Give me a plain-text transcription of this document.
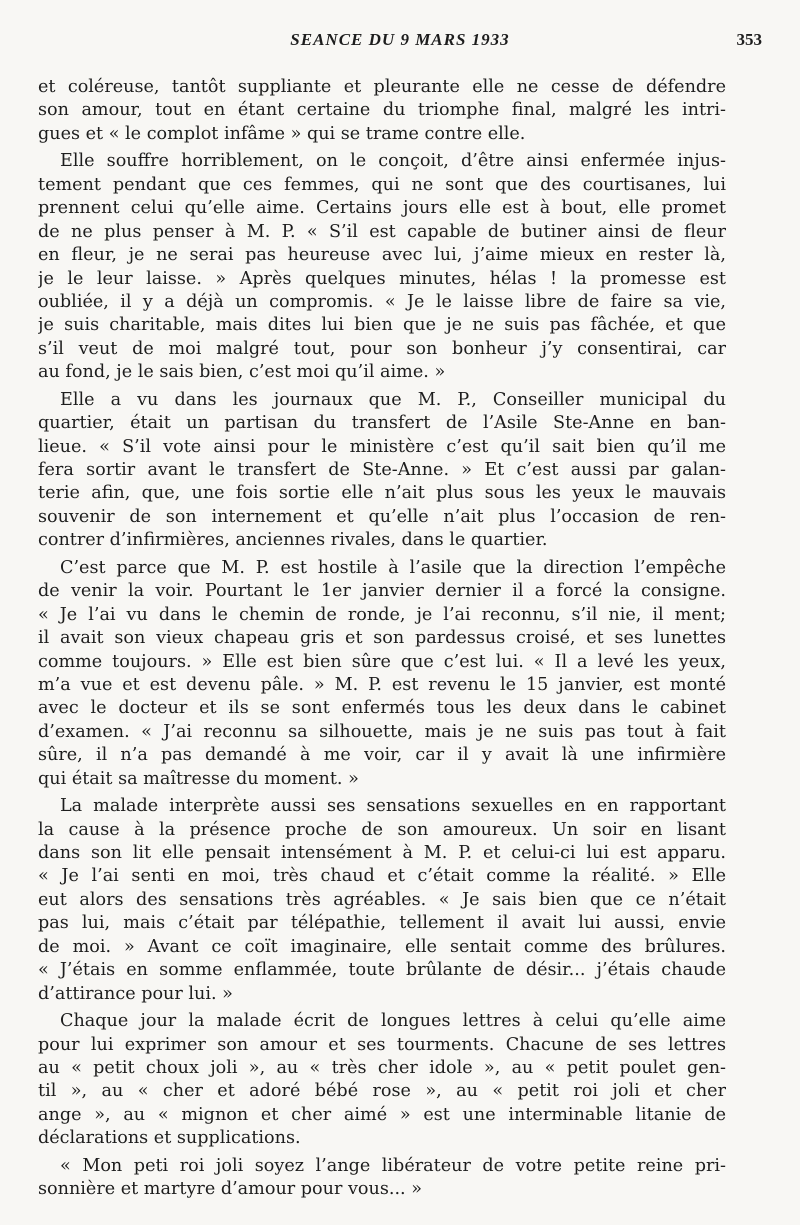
SEANCE DU 9 MARS 1933	353
et coléreuse, tantôt suppliante et pleurante elle ne cesse de défendre
son amour, tout en étant certaine du triomphe final, malgré les intri-
gues et « le complot infâme » qui se trame contre elle.
Elle souffre horriblement, on le conçoit, d’être ainsi enfermée injus-
tement pendant que ces femmes, qui ne sont que des courtisanes, lui
prennent celui qu’elle aime. Certains jours elle est à bout, elle promet
de ne plus penser à M. P. « S’il est capable de butiner ainsi de fleur
en fleur, je ne serai pas heureuse avec lui, j’aime mieux en rester là,
je le leur laisse. » Après quelques minutes, hélas ! la promesse est
oubliée, il y a déjà un compromis. « Je le laisse libre de faire sa vie,
je suis charitable, mais dites lui bien que je ne suis pas fâchée, et que
s’il veut de moi malgré tout, pour son bonheur j’y consentirai, car
au fond, je le sais bien, c’est moi qu’il aime. »
Elle a vu dans les journaux que M. P., Conseiller municipal du
quartier, était un partisan du transfert de l’Asile Ste-Anne en ban-
lieue. « S’il vote ainsi pour le ministère c’est qu’il sait bien qu’il me
fera sortir avant le transfert de Ste-Anne. » Et c’est aussi par galan-
terie afin, que, une fois sortie elle n’ait plus sous les yeux le mauvais
souvenir de son internement et qu’elle n’ait plus l’occasion de ren-
contrer d’infirmières, anciennes rivales, dans le quartier.
C’est parce que M. P. est hostile à l’asile que la direction l’empêche
de venir la voir. Pourtant le 1er janvier dernier il a forcé la consigne.
« Je l’ai vu dans le chemin de ronde, je l’ai reconnu, s’il nie, il ment;
il avait son vieux chapeau gris et son pardessus croisé, et ses lunettes
comme toujours. » Elle est bien sûre que c’est lui. « Il a levé les yeux,
m’a vue et est devenu pâle. » M. P. est revenu le 15 janvier, est monté
avec le docteur et ils se sont enfermés tous les deux dans le cabinet
d’examen. « J’ai reconnu sa silhouette, mais je ne suis pas tout à fait
sûre, il n’a pas demandé à me voir, car il y avait là une infirmière
qui était sa maîtresse du moment. »
La malade interprète aussi ses sensations sexuelles en en rapportant
la cause à la présence proche de son amoureux. Un soir en lisant
dans son lit elle pensait intensément à M. P. et celui-ci lui est apparu.
« Je l’ai senti en moi, très chaud et c’était comme la réalité. » Elle
eut alors des sensations très agréables. « Je sais bien que ce n’était
pas lui, mais c’était par télépathie, tellement il avait lui aussi, envie
de moi. » Avant ce coït imaginaire, elle sentait comme des brûlures.
« J’étais en somme enflammée, toute brûlante de désir... j’étais chaude
d’attirance pour lui. »
Chaque jour la malade écrit de longues lettres à celui qu’elle aime
pour lui exprimer son amour et ses tourments. Chacune de ses lettres
au « petit choux joli », au « très cher idole », au « petit poulet gen-
til », au « cher et adoré bébé rose », au « petit roi joli et cher
ange », au « mignon et cher aimé » est une interminable litanie de
déclarations et supplications.
« Mon peti roi joli soyez l’ange libérateur de votre petite reine pri-
sonnière et martyre d’amour pour vous... »
